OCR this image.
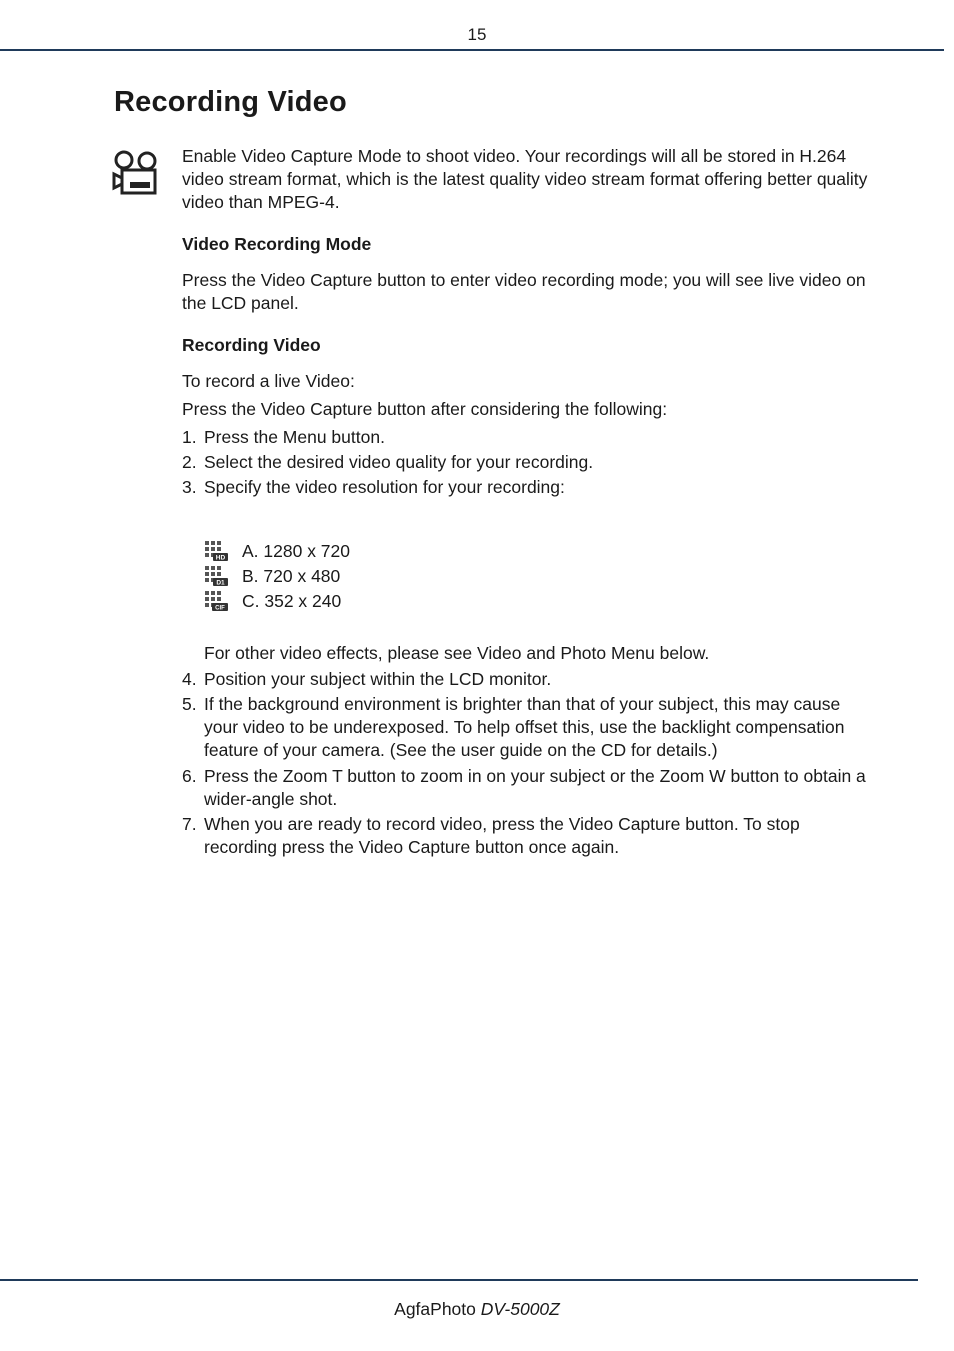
15
Recording Video

Enable Video Capture Mode to shoot video. Your recordings will all be stored in H.264 video stream format, which is the latest quality video stream format offering better quality video than MPEG-4.

Video Recording Mode

Press the Video Capture button to enter video recording mode; you will see live video on the LCD panel.

Recording Video

To record a live Video:

Press the Video Capture button after considering the following:

1. Press the Menu button.
2. Select the desired video quality for your recording.
3. Specify the video resolution for your recording:
HD A. 1280 x 720
D1 B. 720 x 480
CIF C. 352 x 240

For other video effects, please see Video and Photo Menu below.

4. Position your subject within the LCD monitor.
5. If the background environment is brighter than that of your subject, this may cause your video to be underexposed. To help offset this, use the backlight compensation feature of your camera. (See the user guide on the CD for details.)
6. Press the Zoom T button to zoom in on your subject or the Zoom W button to obtain a wider-angle shot.
7. When you are ready to record video, press the Video Capture button. To stop recording press the Video Capture button once again.
AgfaPhoto DV-5000Z
